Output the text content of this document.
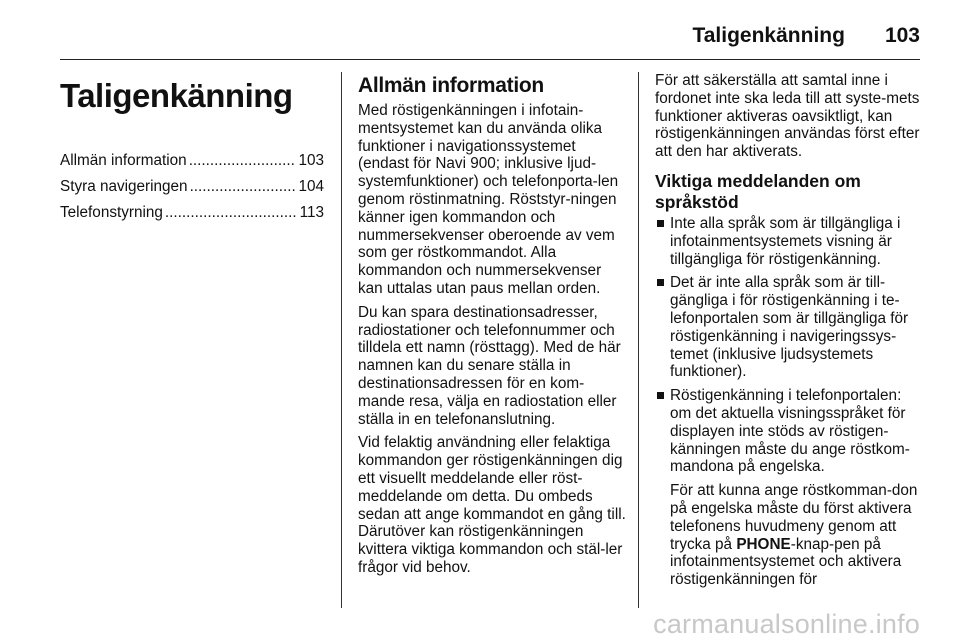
Taligenkänning 103
Taligenkänning
Allmän information .....	103
Styra navigeringen .....	104
Telefonstyrning .....	113
Allmän information

Med röstigenkänningen i infotain-mentsystemet kan du använda olika funktioner i navigationssystemet (endast för Navi 900; inklusive ljud-systemfunktioner) och telefonporta-len genom röstinmatning. Röststyr-ningen känner igen kommandon och nummersekvenser oberoende av vem som ger röstkommandot. Alla kommandon och nummersekvenser kan uttalas utan paus mellan orden.

Du kan spara destinationsadresser, radiostationer och telefonnummer och tilldela ett namn (rösttagg). Med de här namnen kan du senare ställa in destinationsadressen för en kom-mande resa, välja en radiostation eller ställa in en telefonanslutning.

Vid felaktig användning eller felaktiga kommandon ger röstigenkänningen dig ett visuellt meddelande eller röst-meddelande om detta. Du ombeds sedan att ange kommandot en gång till. Därutöver kan röstigenkänningen kvittera viktiga kommandon och stäl-ler frågor vid behov.

För att säkerställa att samtal inne i fordonet inte ska leda till att syste-mets funktioner aktiveras oavsiktligt, kan röstigenkänningen användas först efter att den har aktiverats.

Viktiga meddelanden om språkstöd
Inte alla språk som är tillgängliga i infotainmentsystemets visning är tillgängliga för röstigenkänning.
Det är inte alla språk som är till-gängliga i för röstigenkänning i te-lefonportalen som är tillgängliga för röstigenkänning i navigeringssys-temet (inklusive ljudsystemets funktioner).

Röstigenkänning i telefonportalen: om det aktuella visningsspråket för displayen inte stöds av röstigen-känningen måste du ange röstkom-mandona på engelska.

För att kunna ange röstkomman-don på engelska måste du först aktivera telefonens huvudmeny genom att trycka på PHONE-knap-pen på infotainmentsystemet och aktivera röstigenkänningen för

carmanualsonline.info
